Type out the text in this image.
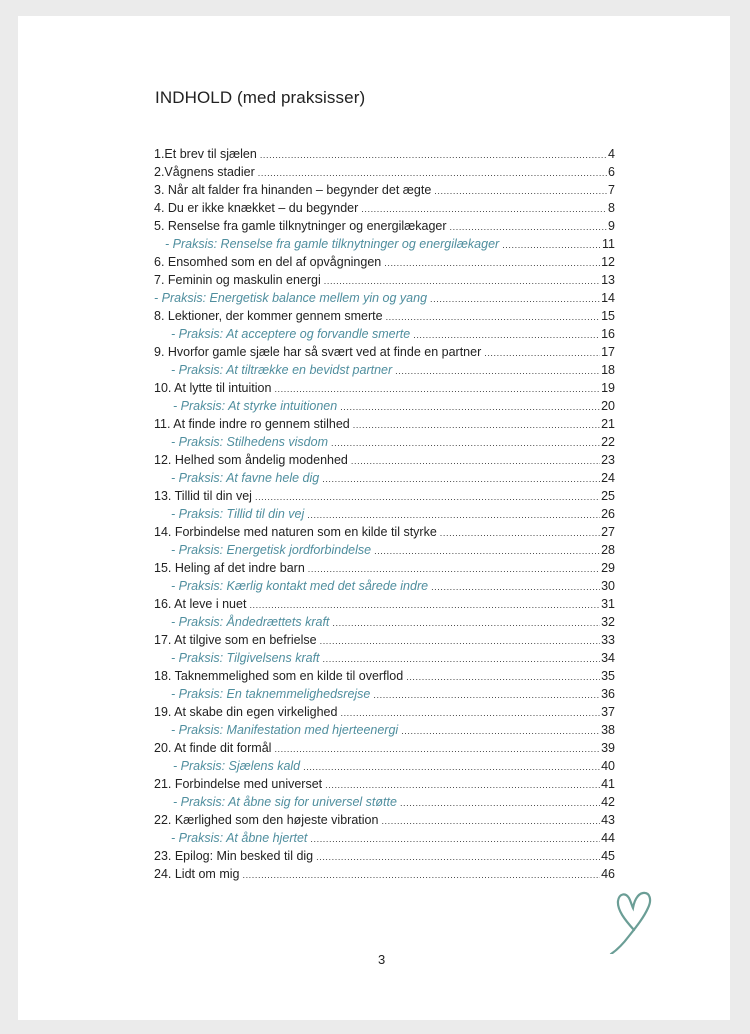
INDHOLD (med praksisser)
1.Et brev til sjælen .....	4
2.Vågnens stadier .....	6
3. Når alt falder fra hinanden – begynder det ægte .....	7
4. Du er ikke knækket – du begynder .....	8
5. Renselse fra gamle tilknytninger og energilækager .....	9
- Praksis: Renselse fra gamle tilknytninger og energilækager .....	11
6. Ensomhed som en del af opvågningen .....	12
7. Feminin og maskulin energi .....	13
- Praksis: Energetisk balance mellem yin og yang .....	14
8. Lektioner, der kommer gennem smerte .....	15
- Praksis: At acceptere og forvandle smerte .....	16
9. Hvorfor gamle sjæle har så svært ved at finde en partner .....	17
- Praksis: At tiltrække en bevidst partner .....	18
10. At lytte til intuition .....	19
- Praksis: At styrke intuitionen .....	20
11. At finde indre ro gennem stilhed .....	21
- Praksis: Stilhedens visdom .....	22
12. Helhed som åndelig modenhed .....	23
- Praksis: At favne hele dig .....	24
13. Tillid til din vej .....	25
- Praksis: Tillid til din vej .....	26
14. Forbindelse med naturen som en kilde til styrke .....	27
- Praksis: Energetisk jordforbindelse .....	28
15. Heling af det indre barn .....	29
- Praksis: Kærlig kontakt med det sårede indre .....	30
16. At leve i nuet .....	31
- Praksis: Åndedrættets kraft .....	32
17. At tilgive som en befrielse .....	33
- Praksis: Tilgivelsens kraft .....	34
18. Taknemmelighed som en kilde til overflod .....	35
- Praksis: En taknemmelighedsrejse .....	36
19. At skabe din egen virkelighed .....	37
- Praksis: Manifestation med hjerteenergi .....	38
20. At finde dit formål .....	39
- Praksis: Sjælens kald .....	40
21. Forbindelse med universet .....	41
- Praksis: At åbne sig for universel støtte .....	42
22. Kærlighed som den højeste vibration .....	43
- Praksis: At åbne hjertet .....	44
23. Epilog: Min besked til dig .....	45
24. Lidt om mig .....	46
3
